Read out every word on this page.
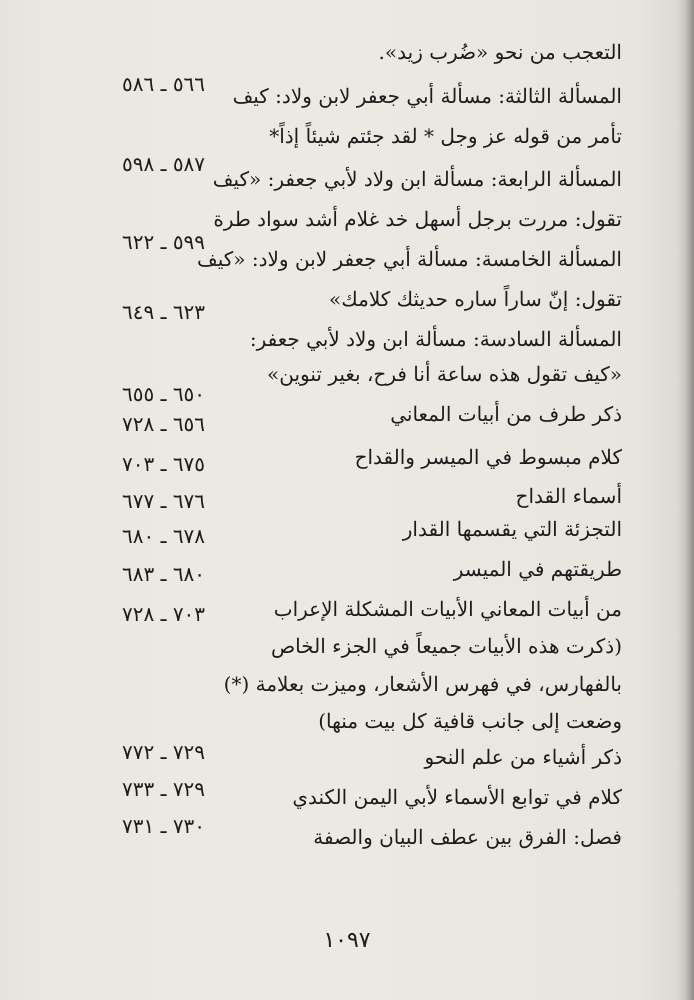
التعجب من نحو «ضُرب زيد».
٥٦٦ ـ ٥٨٦ المسألة الثالثة: مسألة أبي جعفر لابن ولاد: كيف
تأمر من قوله عز وجل * لقد جئتم شيئاً إذاً*
٥٨٧ ـ ٥٩٨
المسألة الرابعة: مسألة ابن ولاد لأبي جعفر: «كيف
تقول: مررت برجل أسهل خد غلام أشد سواد طرة
٥٩٩ ـ ٦٢٢
المسألة الخامسة: مسألة أبي جعفر لابن ولاد: «كيف
تقول: إنّ ساراً ساره حديثك كلامك»
٦٢٣ ـ ٦٤٩
المسألة السادسة: مسألة ابن ولاد لأبي جعفر:
«كيف تقول هذه ساعة أنا فرح، بغير تنوين»
٦٥٠ ـ ٦٥٥
ذكر طرف من أبيات المعاني
٦٥٦ ـ ٧٢٨
كلام مبسوط في الميسر والقداح
٦٧٥ ـ ٧٠٣
أسماء القداح
٦٧٦ ـ ٦٧٧
التجزئة التي يقسمها القدار
٦٧٨ ـ ٦٨٠
طريقتهم في الميسر
٦٨٠ ـ ٦٨٣
من أبيات المعاني الأبيات المشكلة الإعراب
٧٠٣ ـ ٧٢٨
(ذكرت هذه الأبيات جميعاً في الجزء الخاص
بالفهارس، في فهرس الأشعار، وميزت بعلامة (*)
وضعت إلى جانب قافية كل بيت منها)
ذكر أشياء من علم النحو
٧٢٩ ـ ٧٧٢
كلام في توابع الأسماء لأبي اليمن الكندي
٧٢٩ ـ ٧٣٣
فصل: الفرق بين عطف البيان والصفة
٧٣٠ ـ ٧٣١
١٠٩٧
